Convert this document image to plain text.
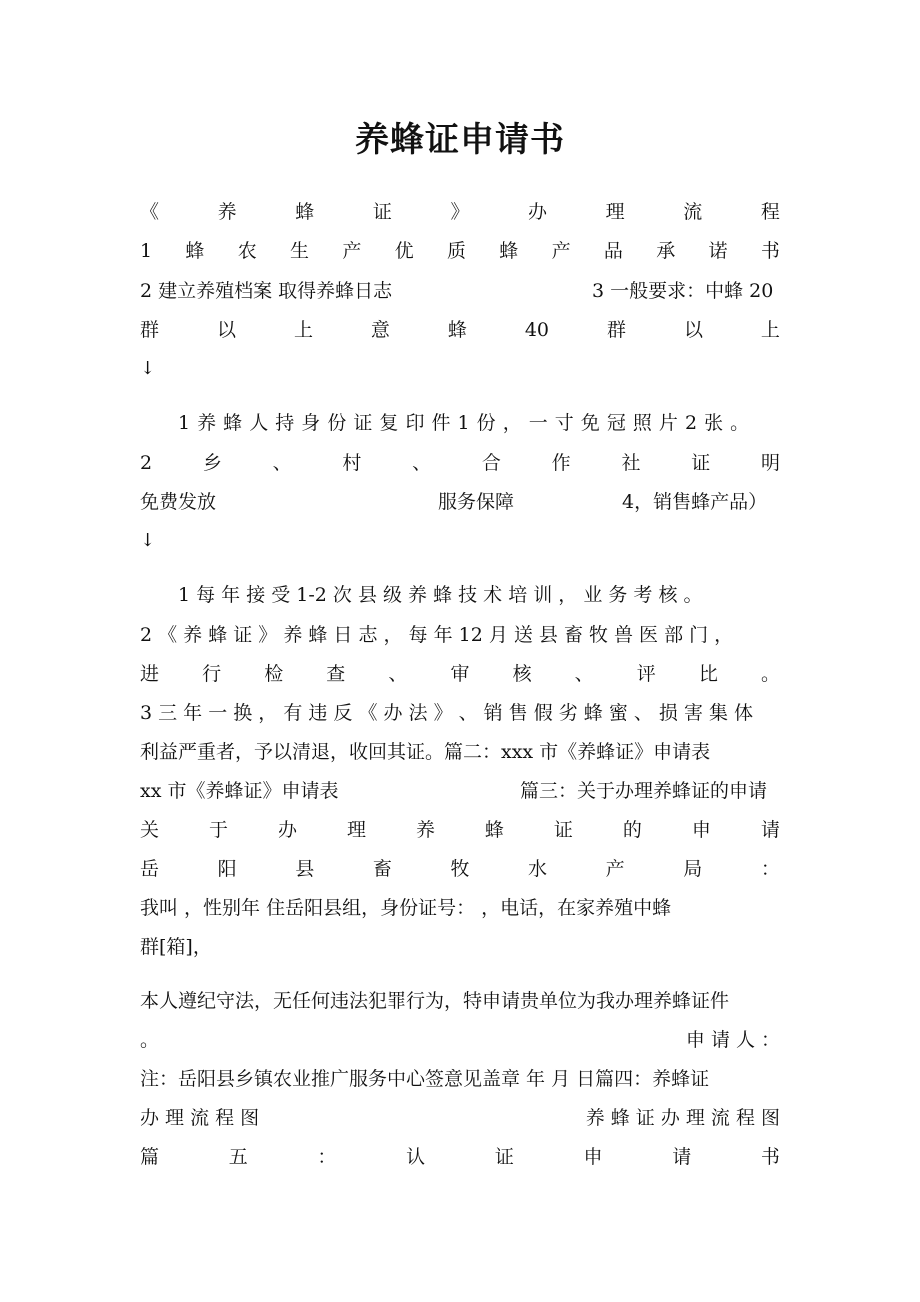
养蜂证申请书
《	养	蜂	证	》	办	理	流	程
1 蜂 农 生 产 优 质 蜂 产 品 承 诺 书
2 建立养殖档案 取得养蜂日志	3 一般要求：中蜂 20
群	以	上	意	蜂	40	群	以	上
↓
1 养 蜂 人 持 身 份 证 复 印 件 1 份 ， 一 寸 免 冠 照 片 2 张 。
2	乡	、	村	、	合	作	社	证	明
免费发放	服务保障	4，销售蜂产品）
↓
1 每 年 接 受 1-2 次 县 级 养 蜂 技 术 培 训 ， 业 务 考 核 。
2 《 养 蜂 证 》 养 蜂 日 志 ， 每 年 12 月 送 县 畜 牧 兽 医 部 门 ，
进 行 检 查 、 审 核 、 评 比 。
3 三 年 一 换 ， 有 违 反 《 办 法 》 、 销 售 假 劣 蜂 蜜 、 损 害 集 体
利益严重者，予以清退，收回其证。篇二：xxx 市《养蜂证》申请表
xx 市《养蜂证》申请表	篇三：关于办理养蜂证的申请
关	于	办	理	养	蜂	证	的	申	请
岳	阳	县	畜	牧	水	产	局	：
我叫 ，性别年 住岳阳县组，身份证号： ，电话，在家养殖中蜂
群[箱]，
本人遵纪守法，无任何违法犯罪行为，特申请贵单位为我办理养蜂证件
。	申 请 人 ：
注：岳阳县乡镇农业推广服务中心签意见盖章 年 月 日篇四：养蜂证
办 理 流 程 图	养 蜂 证 办 理 流 程 图
篇	五	：	认	证	申	请	书
